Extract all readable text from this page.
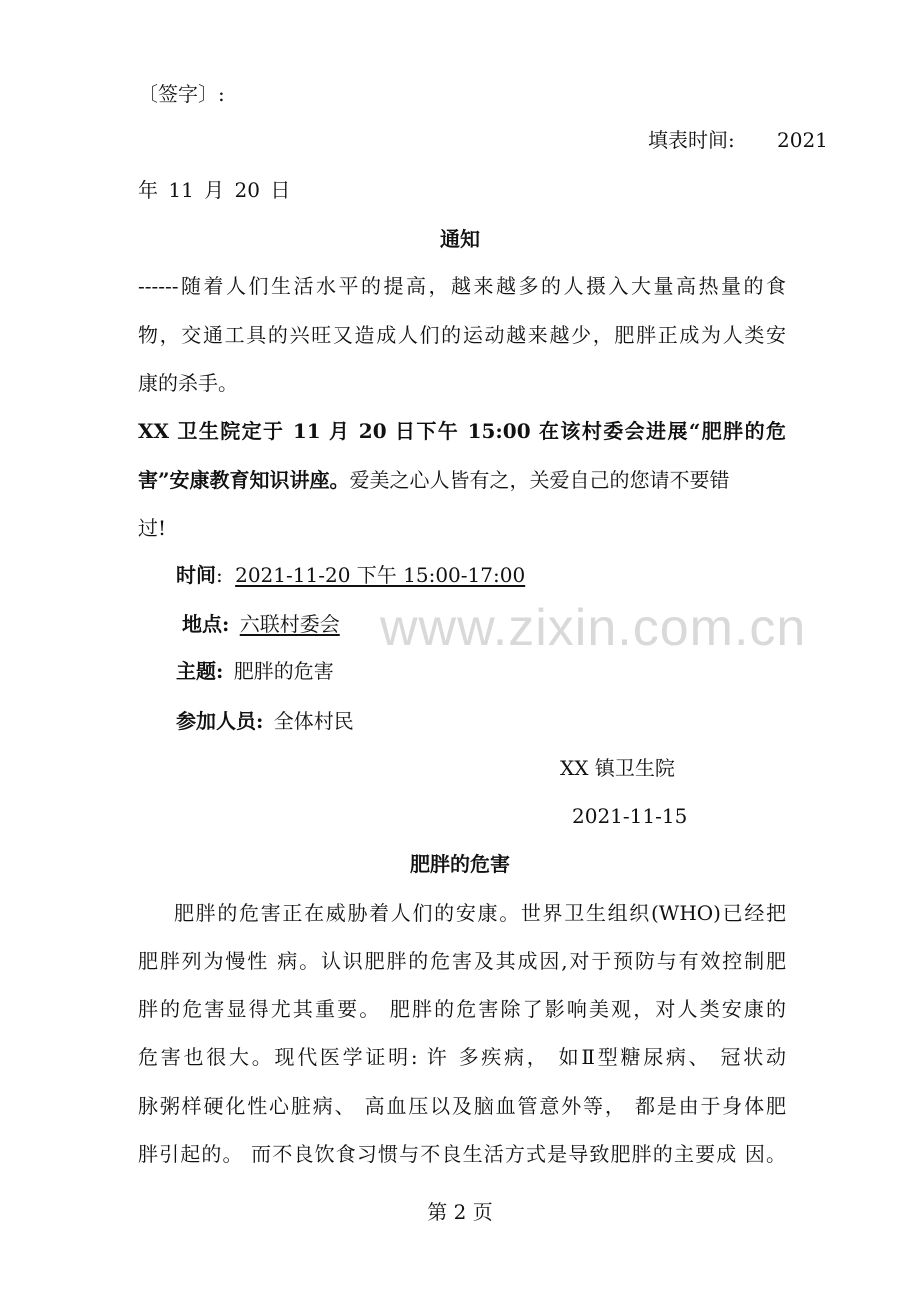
〔签字〕:
填表时间: 2021
年 11 月 20 日
通知
------随着人们生活水平的提高，越来越多的人摄入大量高热量的食
物，交通工具的兴旺又造成人们的运动越来越少，肥胖正成为人类安
康的杀手。
XX 卫生院定于 11 月 20 日下午 15:00 在该村委会进展“肥胖的危
害”安康教育知识讲座。爱美之心人皆有之，关爱自己的您请不要错
过!
时间: 2021-11-20 下午 15:00-17:00
地点: 六联村委会
主题: 肥胖的危害
参加人员: 全体村民
XX 镇卫生院
2021-11-15
肥胖的危害
肥胖的危害正在威胁着人们的安康。世界卫生组织(WHO)已经把
肥胖列为慢性 病。认识肥胖的危害及其成因,对于预防与有效控制肥
胖的危害显得尤其重要。 肥胖的危害除了影响美观，对人类安康的
危害也很大。现代医学证明: 许 多疾病， 如Ⅱ型糖尿病、 冠状动
脉粥样硬化性心脏病、 高血压以及脑血管意外等， 都是由于身体肥
胖引起的。 而不良饮食习惯与不良生活方式是导致肥胖的主要成 因。
第 2 页
www.zixin.com.cn
